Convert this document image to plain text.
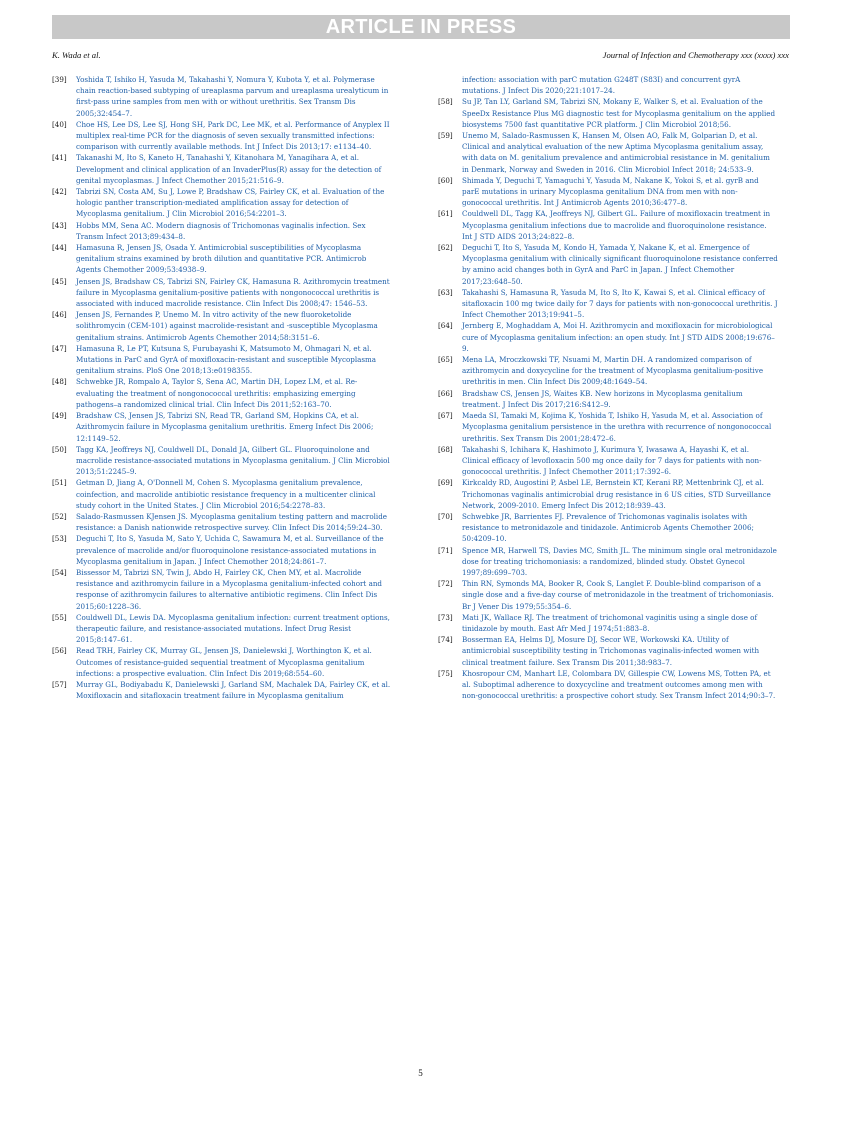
ARTICLE IN PRESS
K. Wada et al.	Journal of Infection and Chemotherapy xxx (xxxx) xxx
[39]	Yoshida T, Ishiko H, Yasuda M, Takahashi Y, Nomura Y, Kubota Y, et al. Polymerase chain reaction-based subtyping of ureaplasma parvum and ureaplasma urealyticum in first-pass urine samples from men with or without urethritis. Sex Transm Dis 2005;32:454–7.
[40]	Choe HS, Lee DS, Lee SJ, Hong SH, Park DC, Lee MK, et al. Performance of Anyplex II multiplex real-time PCR for the diagnosis of seven sexually transmitted infections: comparison with currently available methods. Int J Infect Dis 2013;17: e1134–40.
[41]	Takanashi M, Ito S, Kaneto H, Tanahashi Y, Kitanohara M, Yanagihara A, et al. Development and clinical application of an InvaderPlus(R) assay for the detection of genital mycoplasmas. J Infect Chemother 2015;21:516–9.
[42]	Tabrizi SN, Costa AM, Su J, Lowe P, Bradshaw CS, Fairley CK, et al. Evaluation of the hologic panther transcription-mediated amplification assay for detection of Mycoplasma genitalium. J Clin Microbiol 2016;54:2201–3.
[43]	Hobbs MM, Sena AC. Modern diagnosis of Trichomonas vaginalis infection. Sex Transm Infect 2013;89:434–8.
[44]	Hamasuna R, Jensen JS, Osada Y. Antimicrobial susceptibilities of Mycoplasma genitalium strains examined by broth dilution and quantitative PCR. Antimicrob Agents Chemother 2009;53:4938–9.
[45]	Jensen JS, Bradshaw CS, Tabrizi SN, Fairley CK, Hamasuna R. Azithromycin treatment failure in Mycoplasma genitalium-positive patients with nongonococcal urethritis is associated with induced macrolide resistance. Clin Infect Dis 2008;47: 1546–53.
[46]	Jensen JS, Fernandes P, Unemo M. In vitro activity of the new fluoroketolide solithromycin (CEM-101) against macrolide-resistant and -susceptible Mycoplasma genitalium strains. Antimicrob Agents Chemother 2014;58:3151–6.
[47]	Hamasuna R, Le PT, Kutsuna S, Furubayashi K, Matsumoto M, Ohmagari N, et al. Mutations in ParC and GyrA of moxifloxacin-resistant and susceptible Mycoplasma genitalium strains. PloS One 2018;13:e0198355.
[48]	Schwebke JR, Rompalo A, Taylor S, Sena AC, Martin DH, Lopez LM, et al. Re-evaluating the treatment of nongonococcal urethritis: emphasizing emerging pathogens–a randomized clinical trial. Clin Infect Dis 2011;52:163–70.
[49]	Bradshaw CS, Jensen JS, Tabrizi SN, Read TR, Garland SM, Hopkins CA, et al. Azithromycin failure in Mycoplasma genitalium urethritis. Emerg Infect Dis 2006; 12:1149–52.
[50]	Tagg KA, Jeoffreys NJ, Couldwell DL, Donald JA, Gilbert GL. Fluoroquinolone and macrolide resistance-associated mutations in Mycoplasma genitalium. J Clin Microbiol 2013;51:2245–9.
[51]	Getman D, Jiang A, O'Donnell M, Cohen S. Mycoplasma genitalium prevalence, coinfection, and macrolide antibiotic resistance frequency in a multicenter clinical study cohort in the United States. J Clin Microbiol 2016;54:2278–83.
[52]	Salado-Rasmussen KJensen JS. Mycoplasma genitalium testing pattern and macrolide resistance: a Danish nationwide retrospective survey. Clin Infect Dis 2014;59:24–30.
[53]	Deguchi T, Ito S, Yasuda M, Sato Y, Uchida C, Sawamura M, et al. Surveillance of the prevalence of macrolide and/or fluoroquinolone resistance-associated mutations in Mycoplasma genitalium in Japan. J Infect Chemother 2018;24:861–7.
[54]	Bissessor M, Tabrizi SN, Twin J, Abdo H, Fairley CK, Chen MY, et al. Macrolide resistance and azithromycin failure in a Mycoplasma genitalium-infected cohort and response of azithromycin failures to alternative antibiotic regimens. Clin Infect Dis 2015;60:1228–36.
[55]	Couldwell DL, Lewis DA. Mycoplasma genitalium infection: current treatment options, therapeutic failure, and resistance-associated mutations. Infect Drug Resist 2015;8:147–61.
[56]	Read TRH, Fairley CK, Murray GL, Jensen JS, Danielewski J, Worthington K, et al. Outcomes of resistance-guided sequential treatment of Mycoplasma genitalium infections: a prospective evaluation. Clin Infect Dis 2019;68:554–60.
[57]	Murray GL, Bodiyabadu K, Danielewski J, Garland SM, Machalek DA, Fairley CK, et al. Moxifloxacin and sitafloxacin treatment failure in Mycoplasma genitalium
infection: association with parC mutation G248T (S83I) and concurrent gyrA mutations. J Infect Dis 2020;221:1017–24.
[58]	Su JP, Tan LY, Garland SM, Tabrizi SN, Mokany E, Walker S, et al. Evaluation of the SpeeDx Resistance Plus MG diagnostic test for Mycoplasma genitalium on the applied biosystems 7500 fast quantitative PCR platform. J Clin Microbiol 2018;56.
[59]	Unemo M, Salado-Rasmussen K, Hansen M, Olsen AO, Falk M, Golparian D, et al. Clinical and analytical evaluation of the new Aptima Mycoplasma genitalium assay, with data on M. genitalium prevalence and antimicrobial resistance in M. genitalium in Denmark, Norway and Sweden in 2016. Clin Microbiol Infect 2018; 24:533–9.
[60]	Shimada Y, Deguchi T, Yamaguchi Y, Yasuda M, Nakane K, Yokoi S, et al. gyrB and parE mutations in urinary Mycoplasma genitalium DNA from men with non-gonococcal urethritis. Int J Antimicrob Agents 2010;36:477–8.
[61]	Couldwell DL, Tagg KA, Jeoffreys NJ, Gilbert GL. Failure of moxifloxacin treatment in Mycoplasma genitalium infections due to macrolide and fluoroquinolone resistance. Int J STD AIDS 2013;24:822–8.
[62]	Deguchi T, Ito S, Yasuda M, Kondo H, Yamada Y, Nakane K, et al. Emergence of Mycoplasma genitalium with clinically significant fluoroquinolone resistance conferred by amino acid changes both in GyrA and ParC in Japan. J Infect Chemother 2017;23:648–50.
[63]	Takahashi S, Hamasuna R, Yasuda M, Ito S, Ito K, Kawai S, et al. Clinical efficacy of sitafloxacin 100 mg twice daily for 7 days for patients with non-gonococcal urethritis. J Infect Chemother 2013;19:941–5.
[64]	Jernberg E, Moghaddam A, Moi H. Azithromycin and moxifloxacin for microbiological cure of Mycoplasma genitalium infection: an open study. Int J STD AIDS 2008;19:676–9.
[65]	Mena LA, Mroczkowski TF, Nsuami M, Martin DH. A randomized comparison of azithromycin and doxycycline for the treatment of Mycoplasma genitalium-positive urethritis in men. Clin Infect Dis 2009;48:1649–54.
[66]	Bradshaw CS, Jensen JS, Waites KB. New horizons in Mycoplasma genitalium treatment. J Infect Dis 2017;216:S412–9.
[67]	Maeda SI, Tamaki M, Kojima K, Yoshida T, Ishiko H, Yasuda M, et al. Association of Mycoplasma genitalium persistence in the urethra with recurrence of nongonococcal urethritis. Sex Transm Dis 2001;28:472–6.
[68]	Takahashi S, Ichihara K, Hashimoto J, Kurimura Y, Iwasawa A, Hayashi K, et al. Clinical efficacy of levofloxacin 500 mg once daily for 7 days for patients with non-gonococcal urethritis. J Infect Chemother 2011;17:392–6.
[69]	Kirkcaldy RD, Augostini P, Asbel LE, Bernstein KT, Kerani RP, Mettenbrink CJ, et al. Trichomonas vaginalis antimicrobial drug resistance in 6 US cities, STD Surveillance Network, 2009-2010. Emerg Infect Dis 2012;18:939–43.
[70]	Schwebke JR, Barrientes FJ. Prevalence of Trichomonas vaginalis isolates with resistance to metronidazole and tinidazole. Antimicrob Agents Chemother 2006; 50:4209–10.
[71]	Spence MR, Harwell TS, Davies MC, Smith JL. The minimum single oral metronidazole dose for treating trichomoniasis: a randomized, blinded study. Obstet Gynecol 1997;89:699–703.
[72]	Thin RN, Symonds MA, Booker R, Cook S, Langlet F. Double-blind comparison of a single dose and a five-day course of metronidazole in the treatment of trichomoniasis. Br J Vener Dis 1979;55:354–6.
[73]	Mati JK, Wallace RJ. The treatment of trichomonal vaginitis using a single dose of tinidazole by mouth. East Afr Med J 1974;51:883–8.
[74]	Bosserman EA, Helms DJ, Mosure DJ, Secor WE, Workowski KA. Utility of antimicrobial susceptibility testing in Trichomonas vaginalis-infected women with clinical treatment failure. Sex Transm Dis 2011;38:983–7.
[75]	Khosropour CM, Manhart LE, Colombara DV, Gillespie CW, Lowens MS, Totten PA, et al. Suboptimal adherence to doxycycline and treatment outcomes among men with non-gonococcal urethritis: a prospective cohort study. Sex Transm Infect 2014;90:3–7.
5
